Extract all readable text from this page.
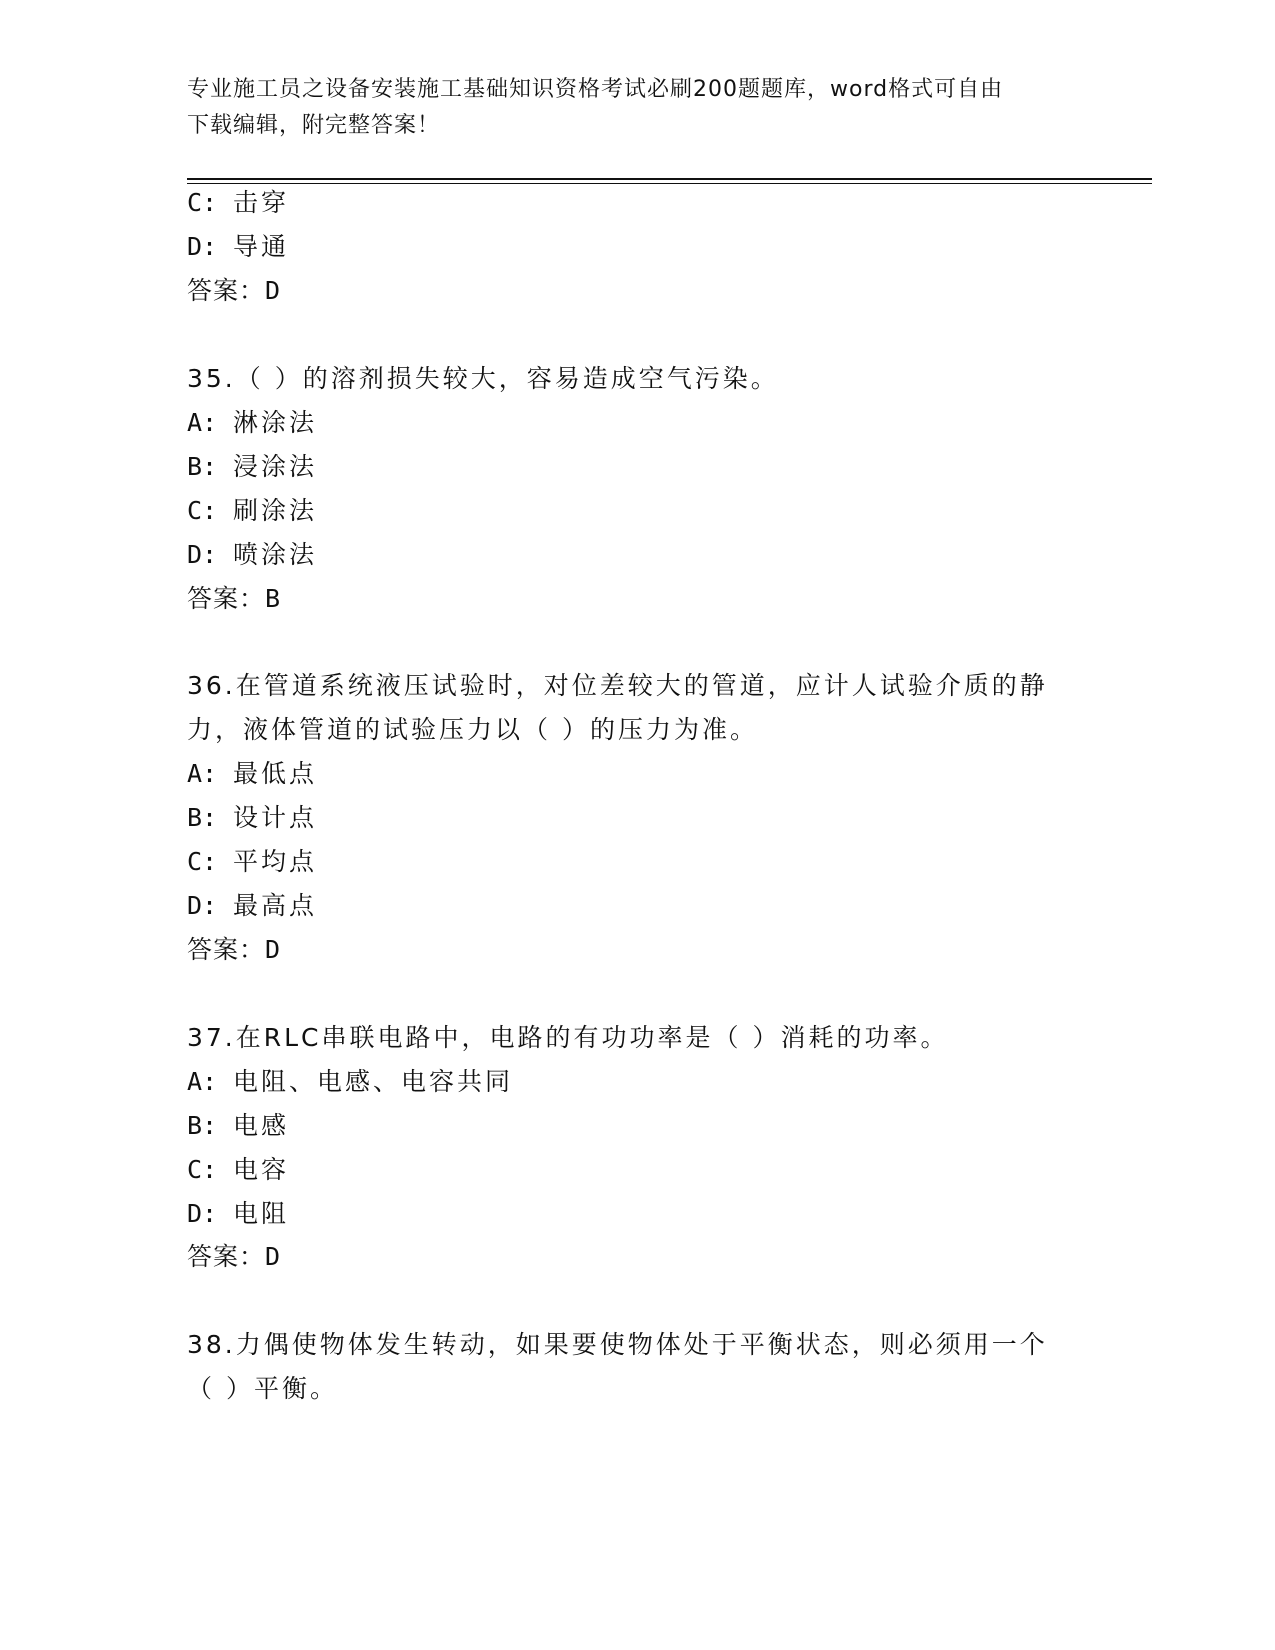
专业施工员之设备安装施工基础知识资格考试必刷200题题库，word格式可自由
下载编辑，附完整答案！
C: 击穿
D: 导通
答案：D
35.（ ）的溶剂损失较大，容易造成空气污染。
A: 淋涂法
B: 浸涂法
C: 刷涂法
D: 喷涂法
答案：B
36.在管道系统液压试验时，对位差较大的管道，应计人试验介质的静
力，液体管道的试验压力以（ ）的压力为准。
A: 最低点
B: 设计点
C: 平均点
D: 最高点
答案：D
37.在RLC串联电路中，电路的有功功率是（ ）消耗的功率。
A: 电阻、电感、电容共同
B: 电感
C: 电容
D: 电阻
答案：D
38.力偶使物体发生转动，如果要使物体处于平衡状态，则必须用一个
（ ）平衡。
